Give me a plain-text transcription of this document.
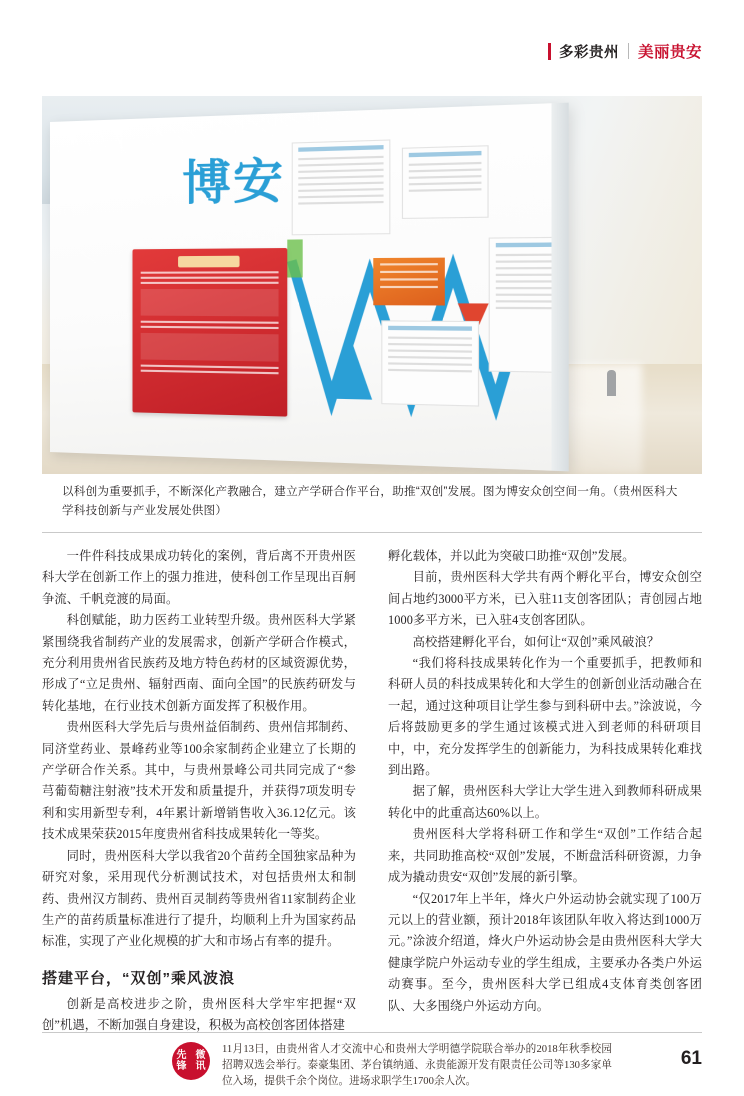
多彩贵州 美丽贵安
博安

以科创为重要抓手，不断深化产教融合，建立产学研合作平台，助推“双创”发展。图为博安众创空间一角。（贵州医科大学科技创新与产业发展处供图）

一件件科技成果成功转化的案例，背后离不开贵州医科大学在创新工作上的强力推进，使科创工作呈现出百舸争流、千帆竞渡的局面。

科创赋能，助力医药工业转型升级。贵州医科大学紧紧围绕我省制药产业的发展需求，创新产学研合作模式，充分利用贵州省民族药及地方特色药材的区域资源优势，形成了“立足贵州、辐射西南、面向全国”的民族药研发与转化基地，在行业技术创新方面发挥了积极作用。

贵州医科大学先后与贵州益佰制药、贵州信邦制药、同济堂药业、景峰药业等100余家制药企业建立了长期的产学研合作关系。其中，与贵州景峰公司共同完成了“参芎葡萄糖注射液”技术开发和质量提升，并获得7项发明专利和实用新型专利，4年累计新增销售收入36.12亿元。该技术成果荣获2015年度贵州省科技成果转化一等奖。

同时，贵州医科大学以我省20个苗药全国独家品种为研究对象，采用现代分析测试技术，对包括贵州太和制药、贵州汉方制药、贵州百灵制药等贵州省11家制药企业生产的苗药质量标准进行了提升，均顺利上升为国家药品标准，实现了产业化规模的扩大和市场占有率的提升。

搭建平台，“双创”乘风波浪

创新是高校进步之阶，贵州医科大学牢牢把握“双创”机遇，不断加强自身建设，积极为高校创客团体搭建

孵化载体，并以此为突破口助推“双创”发展。

目前，贵州医科大学共有两个孵化平台，博安众创空间占地约3000平方米，已入驻11支创客团队；青创园占地1000多平方米，已入驻4支创客团队。

高校搭建孵化平台，如何让“双创”乘风破浪？

“我们将科技成果转化作为一个重要抓手，把教师和科研人员的科技成果转化和大学生的创新创业活动融合在一起，通过这种项目让学生参与到科研中去。”涂波说，今后将鼓励更多的学生通过该模式进入到老师的科研项目中，中，充分发挥学生的创新能力，为科技成果转化难找到出路。

据了解，贵州医科大学让大学生进入到教师科研成果转化中的此重高达60%以上。

贵州医科大学将科研工作和学生“双创”工作结合起来，共同助推高校“双创”发展，不断盘活科研资源，力争成为撬动贵安“双创”发展的新引擎。

“仅2017年上半年，烽火户外运动协会就实现了100万元以上的营业额，预计2018年该团队年收入将达到1000万元。”涂波介绍道，烽火户外运动协会是由贵州医科大学大健康学院户外运动专业的学生组成，主要承办各类户外运动赛事。至今，贵州医科大学已组成4支体育类创客团队、大多围绕户外运动方向。

先锋

微讯
11月13日，由贵州省人才交流中心和贵州大学明德学院联合举办的2018年秋季校园招聘双选会举行。泰豪集团、茅台镇纳通、永贵能源开发有限责任公司等130多家单位入场，提供千余个岗位。进场求职学生1700余人次。
61
